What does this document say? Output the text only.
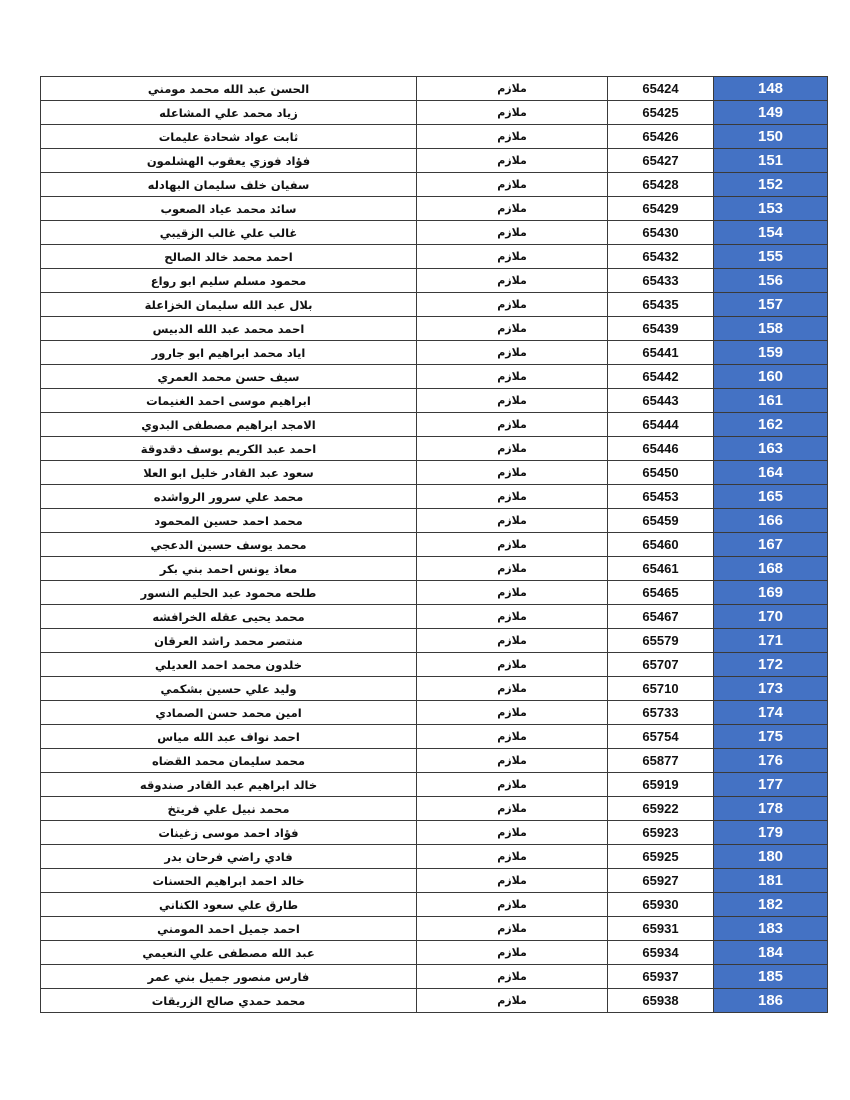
الحسن عبد الله محمد مومني	ملازم	65424	148
زياد محمد علي المشاعله	ملازم	65425	149
ثابت عواد شحادة عليمات	ملازم	65426	150
فؤاد فوزي يعقوب الهشلمون	ملازم	65427	151
سفيان خلف سليمان البهادله	ملازم	65428	152
سائد محمد عياد الصعوب	ملازم	65429	153
غالب علي غالب الزقيبي	ملازم	65430	154
احمد محمد خالد الصالح	ملازم	65432	155
محمود مسلم سليم ابو رواع	ملازم	65433	156
بلال عبد الله سليمان الخزاعلة	ملازم	65435	157
احمد محمد عبد الله الدبيس	ملازم	65439	158
اياد محمد ابراهيم ابو جارور	ملازم	65441	159
سيف حسن محمد العمري	ملازم	65442	160
ابراهيم موسى احمد الغنيمات	ملازم	65443	161
الامجد ابراهيم مصطفى البدوي	ملازم	65444	162
احمد عبد الكريم يوسف دقدوقة	ملازم	65446	163
سعود عبد القادر خليل ابو العلا	ملازم	65450	164
محمد علي سرور الرواشده	ملازم	65453	165
محمد احمد حسين المحمود	ملازم	65459	166
محمد يوسف حسين الدعجي	ملازم	65460	167
معاذ يونس احمد بني بكر	ملازم	65461	168
طلحه محمود عبد الحليم النسور	ملازم	65465	169
محمد يحيى عقله الخرافشه	ملازم	65467	170
منتصر محمد راشد العرقان	ملازم	65579	171
خلدون محمد احمد العديلي	ملازم	65707	172
وليد علي حسين بشكمي	ملازم	65710	173
امين محمد حسن الصمادي	ملازم	65733	174
احمد نواف عبد الله مياس	ملازم	65754	175
محمد سليمان محمد القضاه	ملازم	65877	176
خالد ابراهيم عبد القادر صندوقه	ملازم	65919	177
محمد نبيل علي فريتخ	ملازم	65922	178
فؤاد احمد موسى زغينات	ملازم	65923	179
فادي راضي فرحان بدر	ملازم	65925	180
خالد احمد ابراهيم الحسنات	ملازم	65927	181
طارق علي سعود الكناني	ملازم	65930	182
احمد جميل احمد المومني	ملازم	65931	183
عبد الله مصطفى علي النعيمي	ملازم	65934	184
فارس منصور جميل بني عمر	ملازم	65937	185
محمد حمدي صالح الزريقات	ملازم	65938	186
